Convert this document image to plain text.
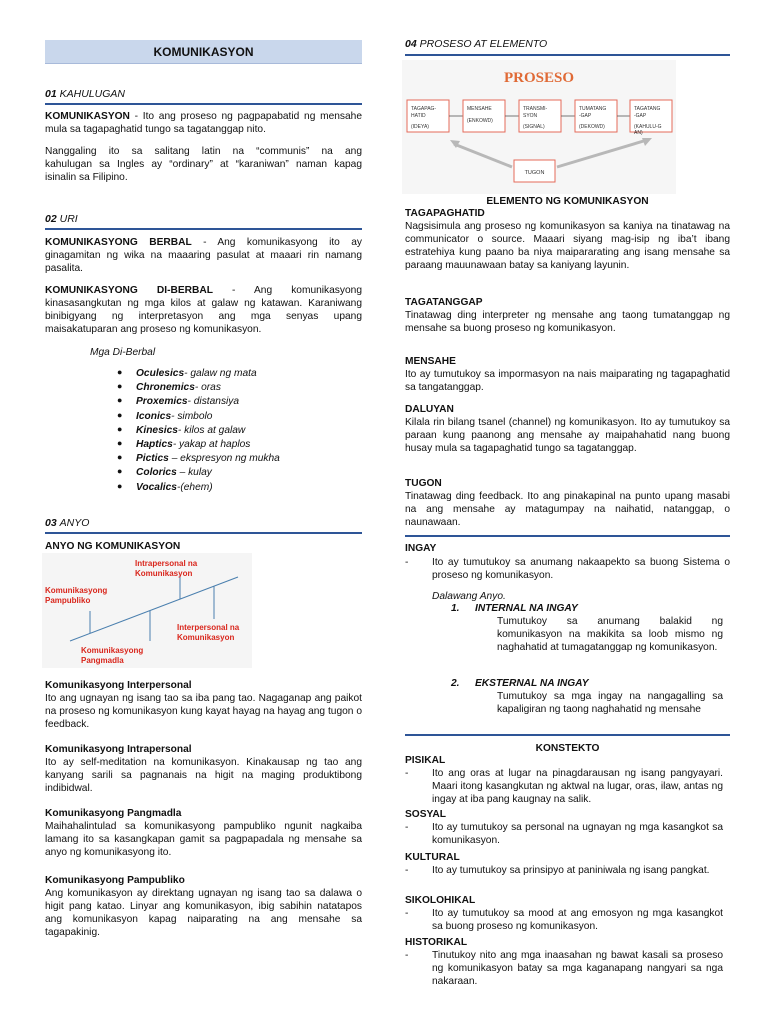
KOMUNIKASYON
01 KAHULUGAN
KOMUNIKASYON - Ito ang proseso ng pagpapabatid ng mensahe mula sa tagapaghatid tungo sa tagatanggap nito.
Nanggaling ito sa salitang latin na “communis” na ang
kahulugan sa Ingles ay “ordinary” at “karaniwan” naman kapag
isinalin sa Filipino.
02 URI
KOMUNIKASYONG BERBAL - Ang komunikasyong ito ay ginagamitan ng wika na maaaring pasulat at maaari rin namang pasalita.
KOMUNIKASYONG DI-BERBAL - Ang komunikasyong kinasasangkutan ng mga kilos at galaw ng katawan. Karaniwang binibigyang ng interpretasyon ang mga senyas upang maisakatuparan ang proseso ng komunikasyon.
Mga Di-Berbal
● Oculesics- galaw ng mata
● Chronemics- oras
● Proxemics- distansiya
● Iconics- simbolo
● Kinesics- kilos at galaw
● Haptics- yakap at haplos
● Pictics – ekspresyon ng mukha
● Colorics – kulay
● Vocalics-(ehem)
03 ANYO
ANYO NG KOMUNIKASYON
Intrapersonal na
Komunikasyon
Komunikasyong
Pampubliko
Interpersonal na
Komunikasyon
Komunikasyong
Pangmadla
Komunikasyong Interpersonal
Ito ang ugnayan ng isang tao sa iba pang tao. Nagaganap ang paikot na proseso ng komunikasyon kung kayat hayag na hayag ang tugon o feedback.
Komunikasyong Intrapersonal
Ito ay self-meditation na komunikasyon. Kinakausap ng tao ang kanyang sarili sa pagnanais na higit na maging produktibong indibidwal.
Komunikasyong Pangmadla
Maihahalintulad sa komunikasyong pampubliko ngunit nagkaiba lamang ito sa kasangkapan gamit sa pagpapadala ng mensahe sa anyo ng komunikasyong ito.
Komunikasyong Pampubliko
Ang komunikasyon ay direktang ugnayan ng isang tao sa dalawa o higit pang katao. Linyar ang komunikasyon, ibig sabihin natatapos ang komunikasyon kapag naiparating na ang mensahe sa tagapakinig.
04 PROSESO AT ELEMENTO
PROSESO
TAGAPAG-
HATID
(IDEYA)
MENSAHE
(ENKOWD)
TRANSMI-
SYON
(SIGNAL)
TUMATANG
-GAP
(DEKOWD)
TAGATANG
-GAP
(KAHULU-G
AN)
TUGON
ELEMENTO NG KOMUNIKASYON
TAGAPAGHATID
Nagsisimula ang proseso ng komunikasyon sa kaniya na tinatawag na communicator o source. Maaari siyang mag-isip ng iba’t ibang estratehiya kung paano ba niya maipararating ang isang mensahe sa paraang mauunawaan batay sa kaniyang layunin.
TAGATANGGAP
Tinatawag ding interpreter ng mensahe ang taong tumatanggap ng mensahe sa buong proseso ng komunikasyon.
MENSAHE
Ito ay tumutukoy sa impormasyon na nais maiparating ng tagapaghatid sa tangatanggap.
DALUYAN
Kilala rin bilang tsanel (channel) ng komunikasyon. Ito ay tumutukoy sa paraan kung paanong ang mensahe ay maipahahatid nang buong husay mula sa tagapaghatid tungo sa tagatanggap.
TUGON
Tinatawag ding feedback. Ito ang pinakapinal na punto upang masabi na ang mensahe ay matagumpay na naihatid, natanggap, o naunawaan.
INGAY
- Ito ay tumutukoy sa anumang nakaapekto sa buong Sistema o proseso ng komunikasyon.
Dalawang Anyo.
1. INTERNAL NA INGAY
Tumutukoy sa anumang balakid ng komunikasyon na makikita sa loob mismo ng naghahatid at tumagatanggap ng komunikasyon.
2. EKSTERNAL NA INGAY
Tumutukoy sa mga ingay na nangagalling sa kapaligiran ng taong naghahatid ng mensahe
KONSTEKTO
PISIKAL
- Ito ang oras at lugar na pinagdarausan ng isang pangyayari. Maari itong kasangkutan ng aktwal na lugar, oras, ilaw, antas ng ingay at iba pang kaugnay na salik.
SOSYAL
- Ito ay tumutukoy sa personal na ugnayan ng mga kasangkot sa komunikasyon.
KULTURAL
- Ito ay tumutukoy sa prinsipyo at paniniwala ng isang pangkat.
SIKOLOHIKAL
- Ito ay tumutukoy sa mood at ang emosyon ng mga kasangkot sa buong proseso ng komunikasyon.
HISTORIKAL
- Tinutukoy nito ang mga inaasahan ng bawat kasali sa proseso ng komunikasyon batay sa mga kaganapang nangyari sa nga nakaraan.
